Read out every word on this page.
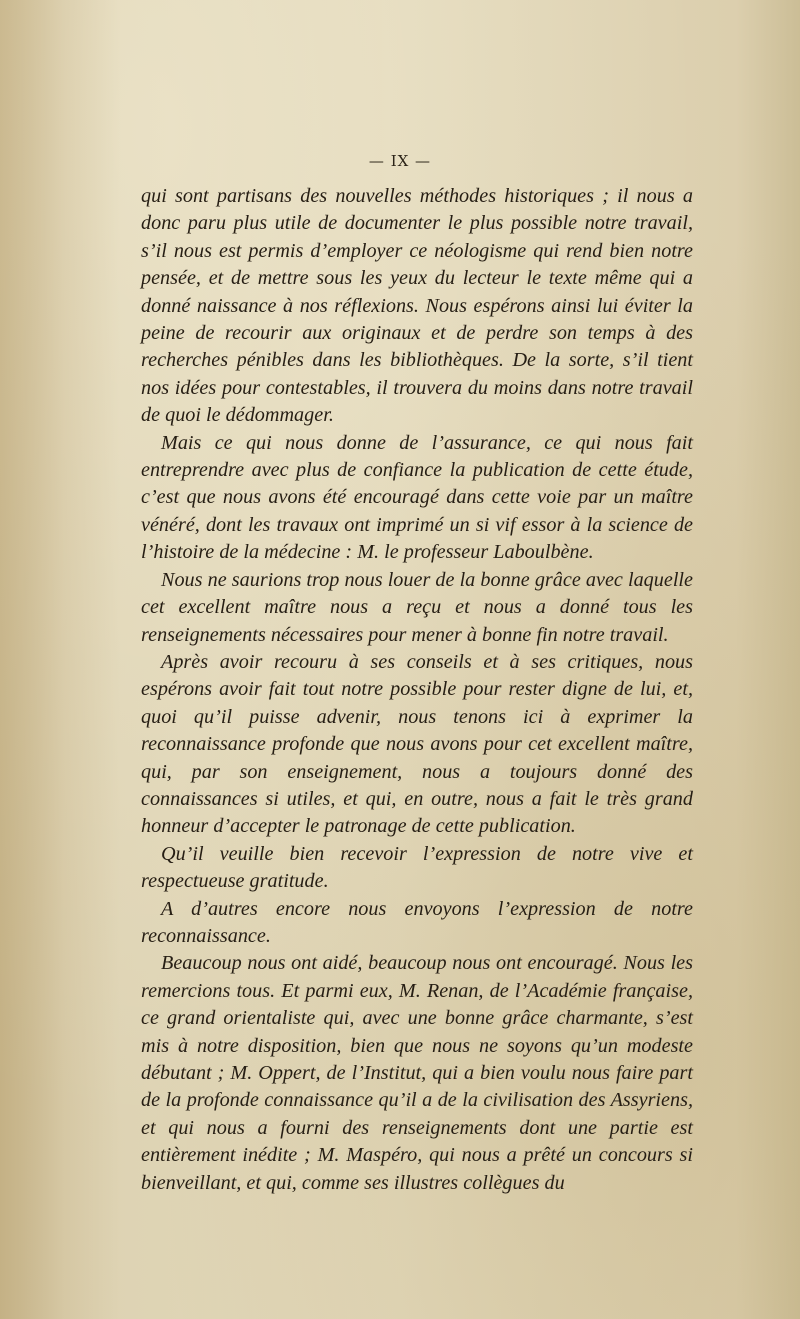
— IX —

qui sont partisans des nouvelles méthodes historiques ; il nous a donc paru plus utile de documenter le plus possible notre travail, s’il nous est permis d’employer ce néologisme qui rend bien notre pensée, et de mettre sous les yeux du lecteur le texte même qui a donné naissance à nos réflexions. Nous espérons ainsi lui éviter la peine de recourir aux originaux et de perdre son temps à des recherches pénibles dans les bibliothèques. De la sorte, s’il tient nos idées pour contestables, il trouvera du moins dans notre travail de quoi le dédommager.

Mais ce qui nous donne de l’assurance, ce qui nous fait entreprendre avec plus de confiance la publication de cette étude, c’est que nous avons été encouragé dans cette voie par un maître vénéré, dont les travaux ont imprimé un si vif essor à la science de l’histoire de la médecine : M. le professeur Laboulbène.

Nous ne saurions trop nous louer de la bonne grâce avec laquelle cet excellent maître nous a reçu et nous a donné tous les renseignements nécessaires pour mener à bonne fin notre travail.

Après avoir recouru à ses conseils et à ses critiques, nous espérons avoir fait tout notre possible pour rester digne de lui, et, quoi qu’il puisse advenir, nous tenons ici à exprimer la reconnaissance profonde que nous avons pour cet excellent maître, qui, par son enseignement, nous a toujours donné des connaissances si utiles, et qui, en outre, nous a fait le très grand honneur d’accepter le patronage de cette publication.

Qu’il veuille bien recevoir l’expression de notre vive et respectueuse gratitude.

A d’autres encore nous envoyons l’expression de notre reconnaissance.

Beaucoup nous ont aidé, beaucoup nous ont encouragé. Nous les remercions tous. Et parmi eux, M. Renan, de l’Académie française, ce grand orientaliste qui, avec une bonne grâce charmante, s’est mis à notre disposition, bien que nous ne soyons qu’un modeste débutant ; M. Oppert, de l’Institut, qui a bien voulu nous faire part de la profonde connaissance qu’il a de la civilisation des Assyriens, et qui nous a fourni des renseignements dont une partie est entièrement inédite ; M. Maspéro, qui nous a prêté un concours si bienveillant, et qui, comme ses illustres collègues du
